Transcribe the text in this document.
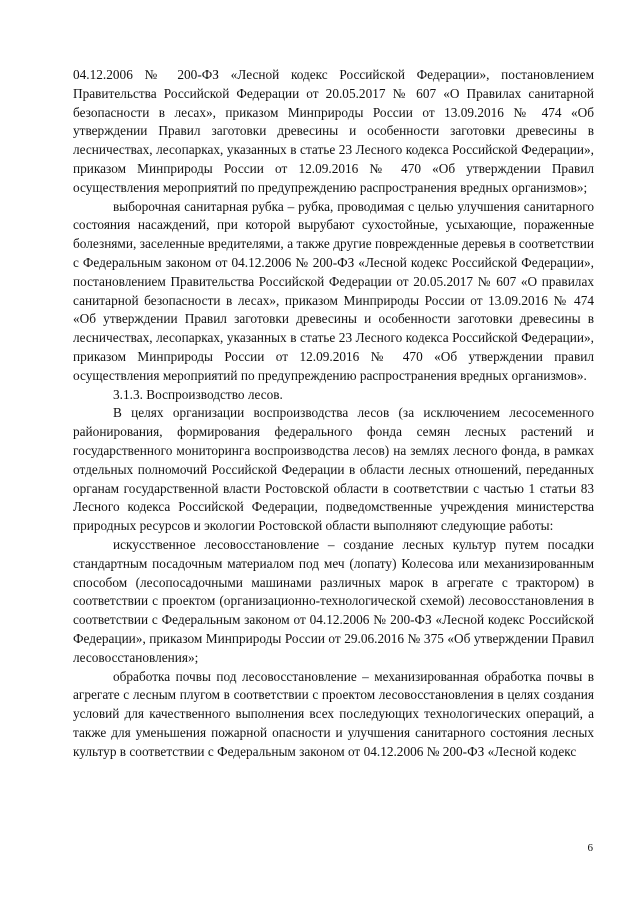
04.12.2006 № 200-ФЗ «Лесной кодекс Российской Федерации», постановлением Правительства Российской Федерации от 20.05.2017 № 607 «О Правилах санитарной безопасности в лесах», приказом Минприроды России от 13.09.2016 № 474 «Об утверждении Правил заготовки древесины и особенности заготовки древесины в лесничествах, лесопарках, указанных в статье 23 Лесного кодекса Российской Федерации», приказом Минприроды России от 12.09.2016 № 470 «Об утверждении Правил осуществления мероприятий по предупреждению распространения вредных организмов»;

выборочная санитарная рубка – рубка, проводимая с целью улучшения санитарного состояния насаждений, при которой вырубают сухостойные, усыхающие, пораженные болезнями, заселенные вредителями, а также другие поврежденные деревья в соответствии с Федеральным законом от 04.12.2006 № 200-ФЗ «Лесной кодекс Российской Федерации», постановлением Правительства Российской Федерации от 20.05.2017 № 607 «О правилах санитарной безопасности в лесах», приказом Минприроды России от 13.09.2016 № 474 «Об утверждении Правил заготовки древесины и особенности заготовки древесины в лесничествах, лесопарках, указанных в статье 23 Лесного кодекса Российской Федерации», приказом Минприроды России от 12.09.2016 № 470 «Об утверждении правил осуществления мероприятий по предупреждению распространения вредных организмов».

3.1.3. Воспроизводство лесов.

В целях организации воспроизводства лесов (за исключением лесосеменного районирования, формирования федерального фонда семян лесных растений и государственного мониторинга воспроизводства лесов) на землях лесного фонда, в рамках отдельных полномочий Российской Федерации в области лесных отношений, переданных органам государственной власти Ростовской области в соответствии с частью 1 статьи 83 Лесного кодекса Российской Федерации, подведомственные учреждения министерства природных ресурсов и экологии Ростовской области выполняют следующие работы:

искусственное лесовосстановление – создание лесных культур путем посадки стандартным посадочным материалом под меч (лопату) Колесова или механизированным способом (лесопосадочными машинами различных марок в агрегате с трактором) в соответствии с проектом (организационно-технологической схемой) лесовосстановления в соответствии с Федеральным законом от 04.12.2006 № 200-ФЗ «Лесной кодекс Российской Федерации», приказом Минприроды России от 29.06.2016 № 375 «Об утверждении Правил лесовосстановления»;

обработка почвы под лесовосстановление – механизированная обработка почвы в агрегате с лесным плугом в соответствии с проектом лесовосстановления в целях создания условий для качественного выполнения всех последующих технологических операций, а также для уменьшения пожарной опасности и улучшения санитарного состояния лесных культур в соответствии с Федеральным законом от 04.12.2006 № 200-ФЗ «Лесной кодекс

6
